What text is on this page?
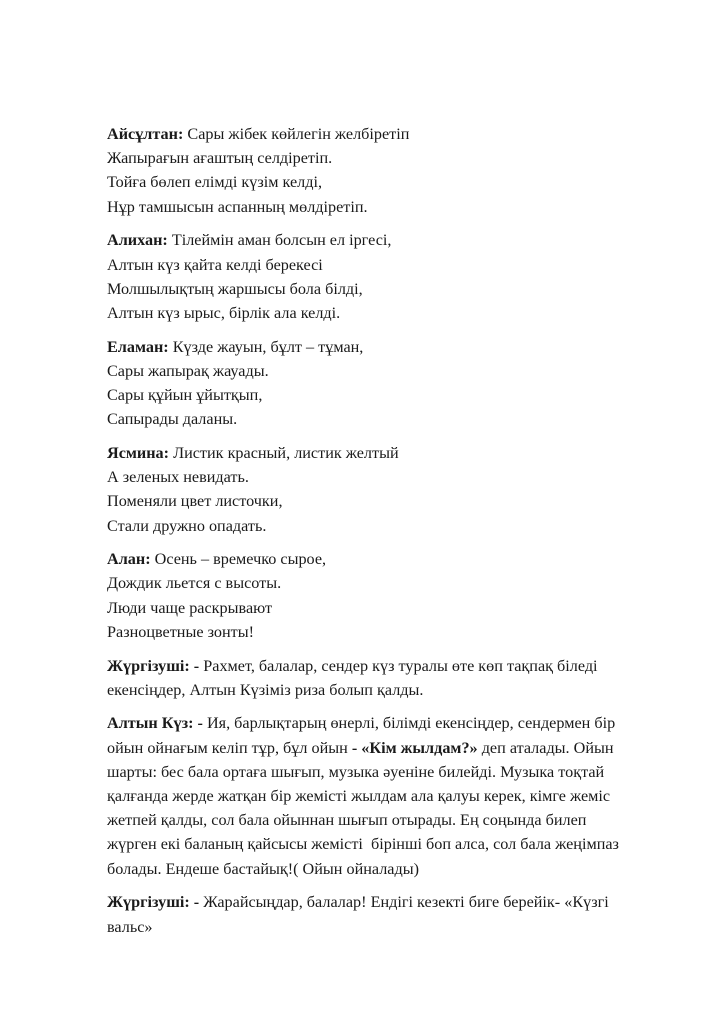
Айсұлтан: Сары жібек көйлегін желбіретіп
Жапырағын ағаштың селдіретіп.
Тойға бөлеп елімді күзім келді,
Нұр тамшысын аспанның мөлдіретіп.
Алихан: Тілеймін аман болсын ел іргесі,
Алтын күз қайта келді берекесі
Молшылықтың жаршысы бола білді,
Алтын күз ырыс, бірлік ала келді.
Еламан: Күзде жауын, бұлт – тұман,
Сары жапырақ жауады.
Сары құйын ұйытқып,
Сапырады даланы.
Ясмина: Листик красный, листик желтый
А зеленых невидать.
Поменяли цвет листочки,
Стали дружно опадать.
Алан: Осень – времечко сырое,
Дождик льется с высоты.
Люди чаще раскрывают
Разноцветные зонты!
Жүргізуші: - Рахмет, балалар, сендер күз туралы өте көп тақпақ біледі
екенсіңдер, Алтын Күзіміз риза болып қалды.
Алтын Күз: - Ия, барлықтарың өнерлі, білімді екенсіңдер, сендермен бір
ойын ойнағым келіп тұр, бұл ойын - «Кім жылдам?» деп аталады. Ойын
шарты: бес бала ортаға шығып, музыка әуеніне билейді. Музыка тоқтай
қалғанда жерде жатқан бір жемісті жылдам ала қалуы керек, кімге жеміс
жетпей қалды, сол бала ойыннан шығып отырады. Ең соңында билеп
жүрген екі баланың қайсысы жемісті  бірінші боп алса, сол бала жеңімпаз
болады. Ендеше бастайық!( Ойын ойналады)
Жүргізуші: - Жарайсыңдар, балалар! Ендігі кезекті биге берейік- «Күзгі
вальс»
